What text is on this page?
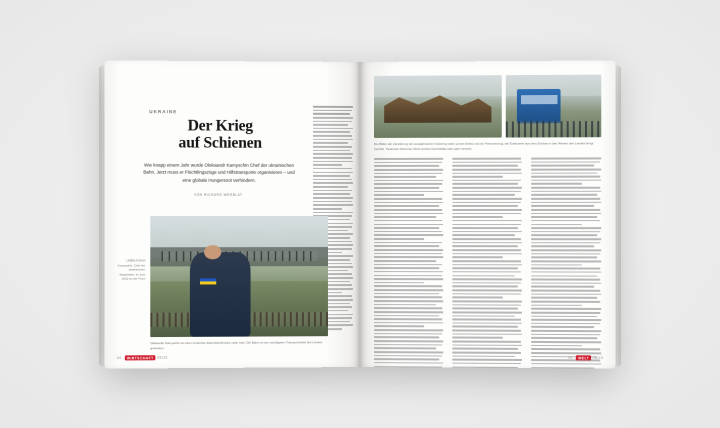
UKRAINE
Der Krieg
auf Schienen
Wie knapp einem Jahr wurde Oleksandr Kamyschin Chef der ukrainischen Bahn. Jetzt muss er Flüchtlingszüge und Hilfstransporte organisieren – und eine globale Hungersnot verhindern.
VON RICHARD WERBLAT
UNBEUGSAM Kamyschin, Chef der ukrainischen Staatsbahn, im Juni 2022 an der Front
Oleksandr Kamyschin an einer zerstörten Eisenbahnbrücke nahe Irpin: Die Bahn ist zum wichtigsten Transportmittel des Landes geworden.
34 WIRTSCHAFT 08/23
Die Bilder der Zerstörung: Ein ausgebrannter Güterzug nahe Lyman (links) und ein Personenzug, der Evakuierte aus dem Donbas in den Westen des Landes bringt (rechts). Tausende Kilometer Gleis wurden beschädigt oder ganz zerstört.
35 WELT 08/23
